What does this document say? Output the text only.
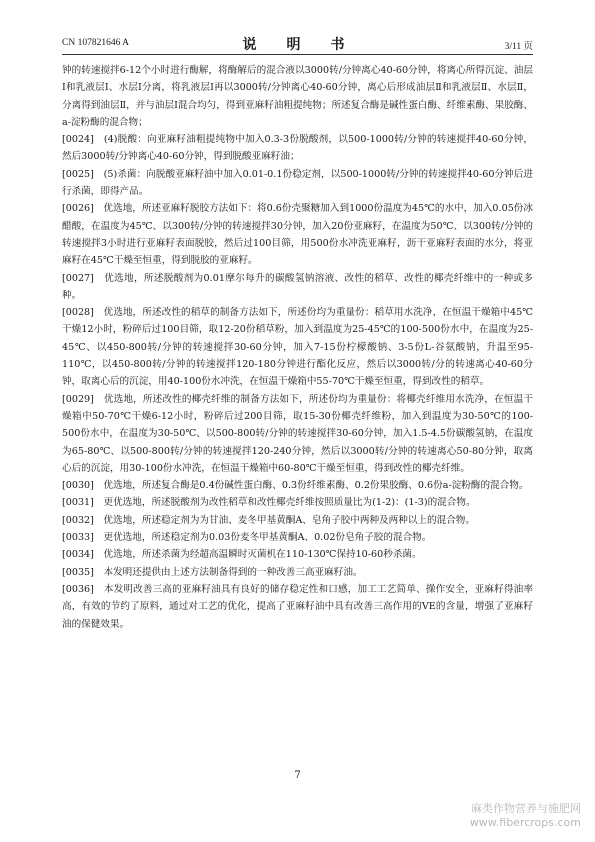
CN 107821646 A	说　明　书	3/11 页

钟的转速搅拌6-12个小时进行酶解，将酶解后的混合液以3000转/分钟离心40-60分钟，将离心所得沉淀、油层Ⅰ和乳液层Ⅰ、水层Ⅰ分离，将乳液层Ⅰ再以3000转/分钟离心40-60分钟，离心后形成油层Ⅱ和乳液层Ⅱ、水层Ⅱ，分离得到油层Ⅱ，并与油层Ⅰ混合均匀，得到亚麻籽油粗提纯物；所述复合酶是碱性蛋白酶、纤维素酶、果胶酶、a-淀粉酶的混合物；

[0024]　(4)脱酸：向亚麻籽油粗提纯物中加入0.3-3份脱酸剂，以500-1000转/分钟的转速搅拌40-60分钟，然后3000转/分钟离心40-60分钟，得到脱酸亚麻籽油；

[0025]　(5)杀菌：向脱酸亚麻籽油中加入0.01-0.1份稳定剂，以500-1000转/分钟的转速搅拌40-60分钟后进行杀菌，即得产品。

[0026]　优选地，所述亚麻籽脱胶方法如下：将0.6份壳聚糖加入到1000份温度为45℃的水中，加入0.05份冰醋酸，在温度为45℃、以300转/分钟的转速搅拌30分钟，加入20份亚麻籽，在温度为50℃、以300转/分钟的转速搅拌3小时进行亚麻籽表面脱胶，然后过100目筛，用500份水冲洗亚麻籽，沥干亚麻籽表面的水分，将亚麻籽在45℃干燥至恒重，得到脱胶的亚麻籽。

[0027]　优选地，所述脱酸剂为0.01摩尔每升的碳酸氢钠溶液、改性的稻草、改性的椰壳纤维中的一种或多种。

[0028]　优选地，所述改性的稻草的制备方法如下，所述份均为重量份：稻草用水洗净，在恒温干燥箱中45℃干燥12小时，粉碎后过100目筛，取12-20份稻草粉，加入到温度为25-45℃的100-500份水中，在温度为25-45℃、以450-800转/分钟的转速搅拌30-60分钟，加入7-15份柠檬酸钠、3-5份L-谷氨酸钠，升温至95-110℃，以450-800转/分钟的转速搅拌120-180分钟进行酯化反应，然后以3000转/分的转速离心40-60分钟，取离心后的沉淀，用40-100份水冲洗，在恒温干燥箱中55-70℃干燥至恒重，得到改性的稻草。

[0029]　优选地，所述改性的椰壳纤维的制备方法如下，所述份均为重量份：将椰壳纤维用水洗净，在恒温干燥箱中50-70℃干燥6-12小时，粉碎后过200目筛，取15-30份椰壳纤维粉，加入到温度为30-50℃的100-500份水中，在温度为30-50℃、以500-800转/分钟的转速搅拌30-60分钟，加入1.5-4.5份碳酸氢钠，在温度为65-80℃、以500-800转/分钟的转速搅拌120-240分钟，然后以3000转/分钟的转速离心50-80分钟，取离心后的沉淀，用30-100份水冲洗，在恒温干燥箱中60-80℃干燥至恒重，得到改性的椰壳纤维。

[0030]　优选地，所述复合酶是0.4份碱性蛋白酶、0.3份纤维素酶、0.2份果胶酶、0.6份a-淀粉酶的混合物。

[0031]　更优选地，所述脱酸剂为改性稻草和改性椰壳纤维按照质量比为(1-2)：(1-3)的混合物。

[0032]　优选地，所述稳定剂为为甘油、麦冬甲基黄酮A、皂角子胶中两种及两种以上的混合物。

[0033]　更优选地，所述稳定剂为0.03份麦冬甲基黄酮A、0.02份皂角子胶的混合物。

[0034]　优选地，所述杀菌为经超高温瞬时灭菌机在110-130℃保持10-60秒杀菌。

[0035]　本发明还提供由上述方法制备得到的一种改善三高亚麻籽油。

[0036]　本发明改善三高的亚麻籽油具有良好的储存稳定性和口感，加工工艺简单、操作安全，亚麻籽得油率高，有效的节约了原料，通过对工艺的优化，提高了亚麻籽油中具有改善三高作用的VE的含量，增强了亚麻籽油的保健效果。

7
麻类作物营养与施肥网
www.fibercrops.com
